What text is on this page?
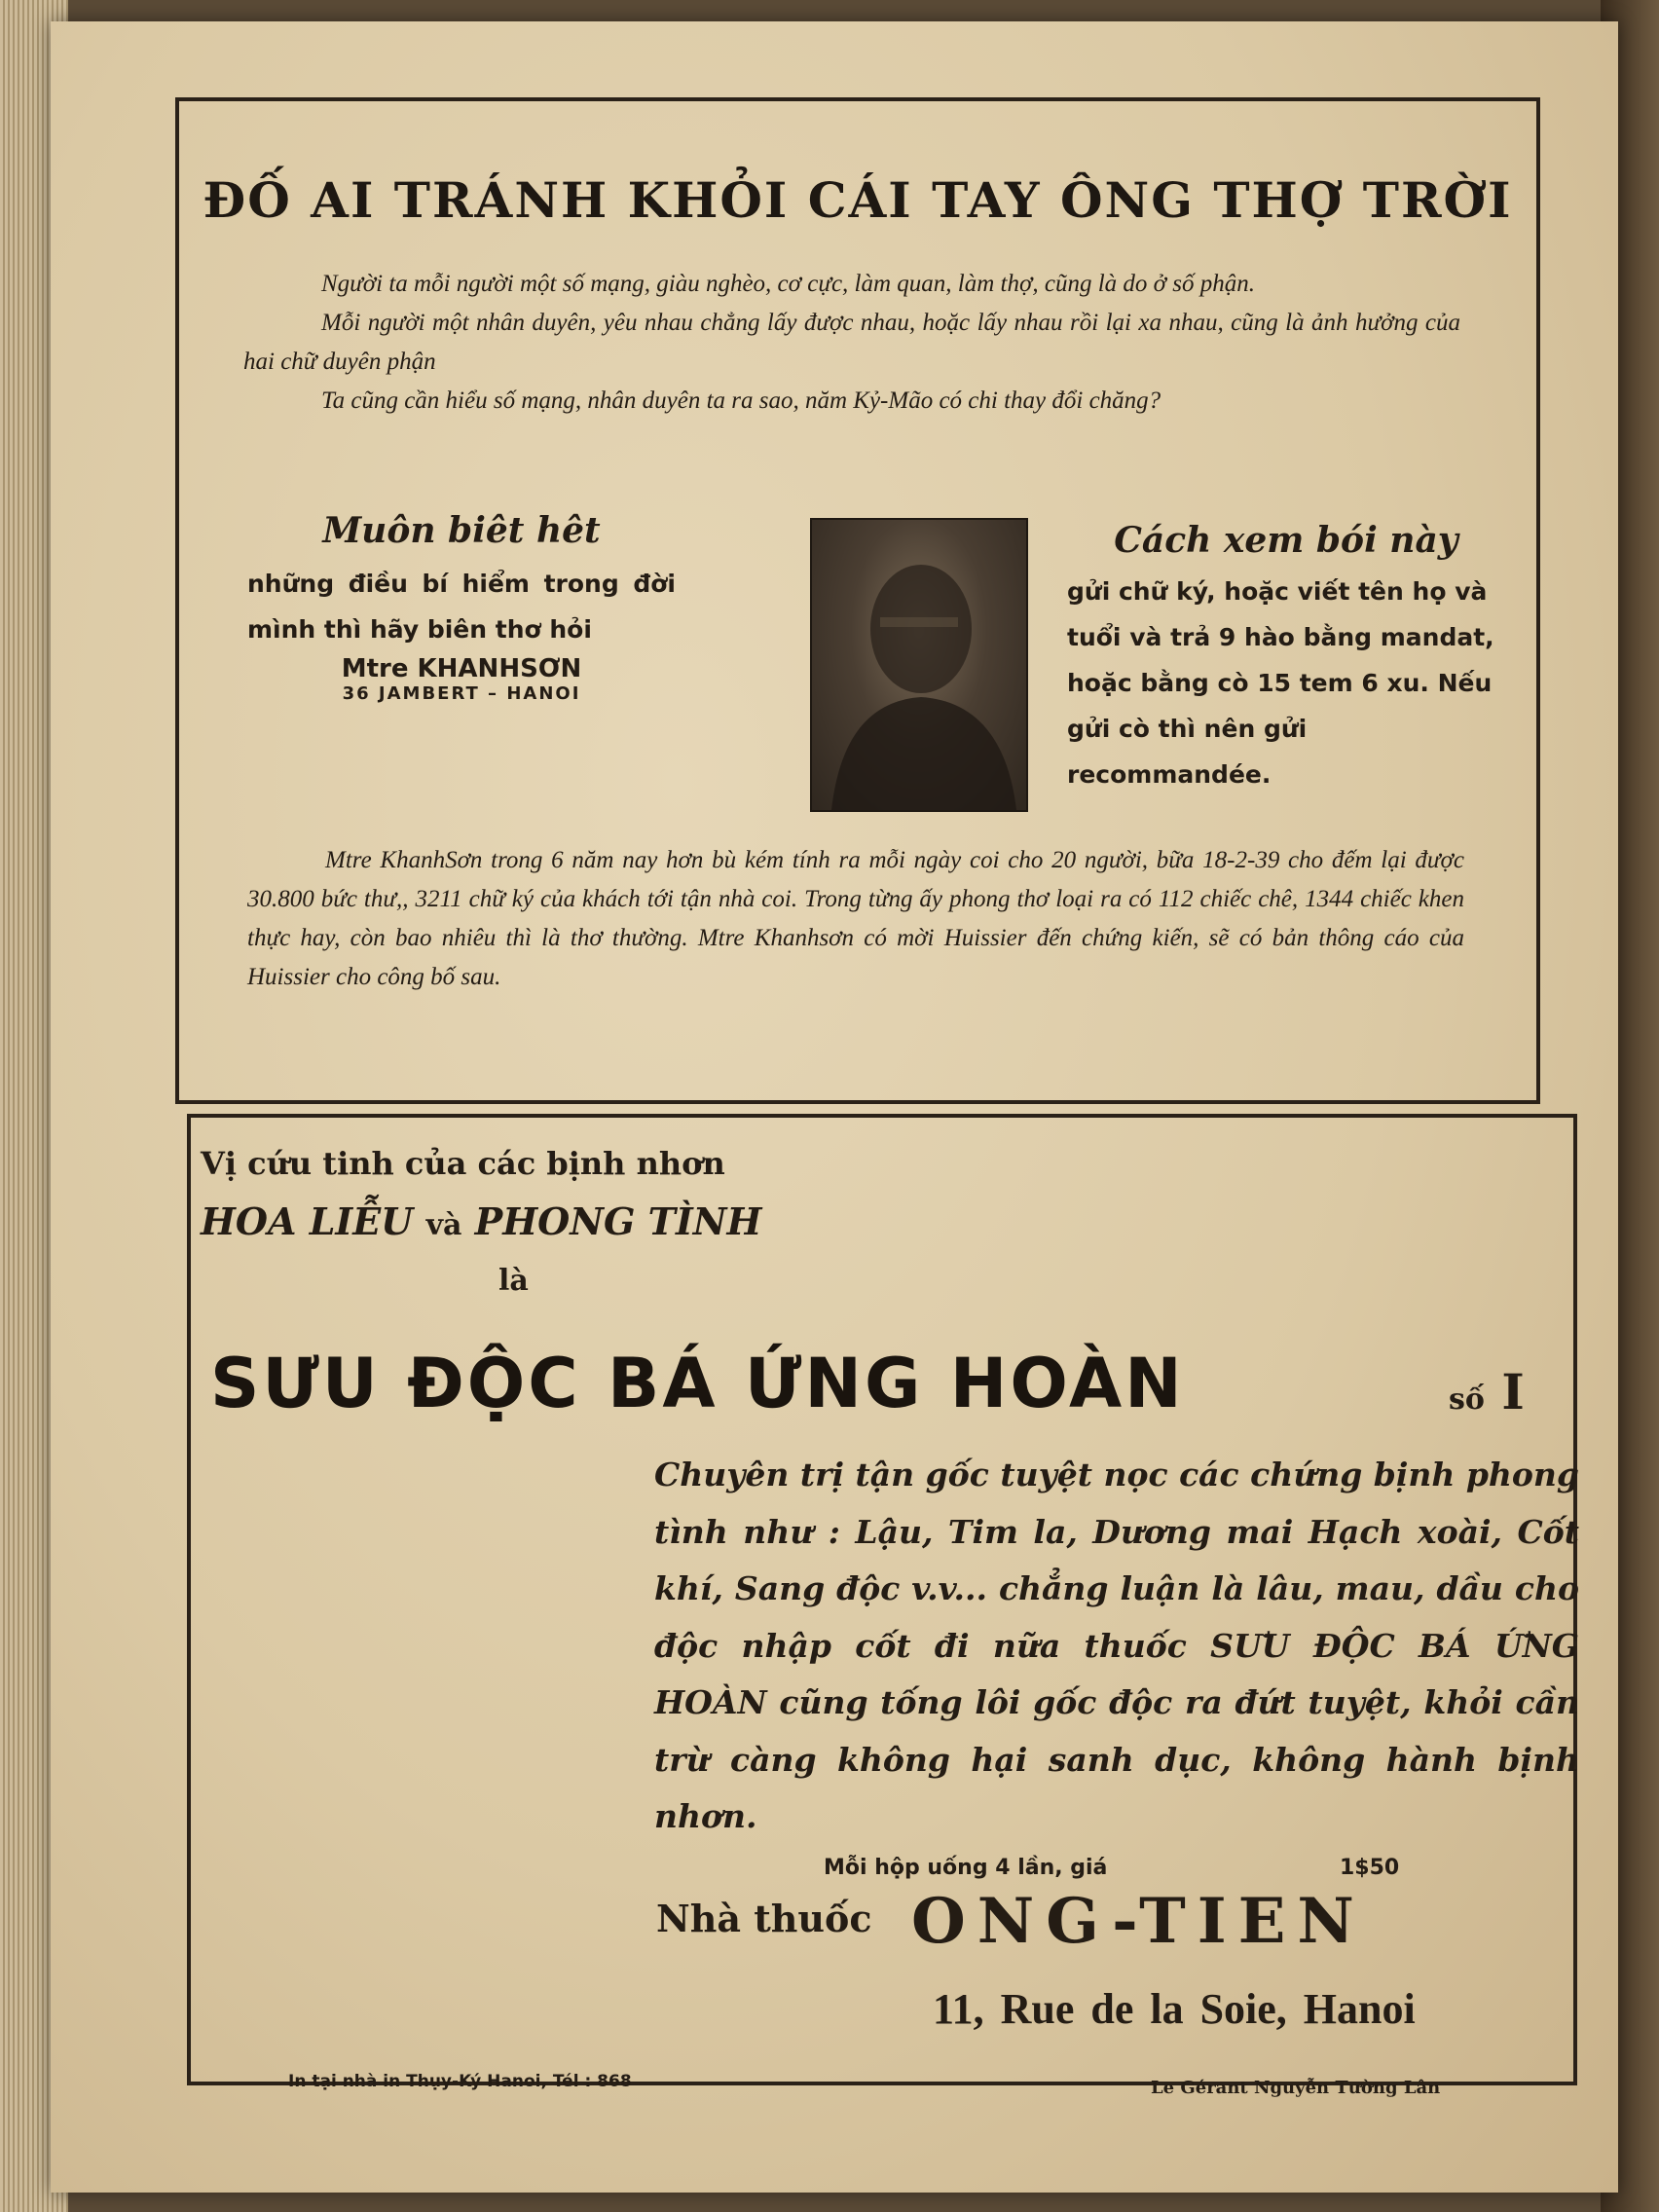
ĐỐ AI TRÁNH KHỎI CÁI TAY ÔNG THỢ TRỜI

Người ta mỗi người một số mạng, giàu nghèo, cơ cực, làm quan, làm thợ, cũng là do ở số phận.

Mỗi người một nhân duyên, yêu nhau chẳng lấy được nhau, hoặc lấy nhau rồi lại xa nhau, cũng là ảnh hưởng của hai chữ duyên phận

Ta cũng cần hiểu số mạng, nhân duyên ta ra sao, năm Kỷ-Mão có chi thay đổi chăng?

Muôn biêt hêt
những điều bí hiểm trong đời mình thì hãy biên thơ hỏi
Mtre KHANHSƠN
36 JAMBERT – HANOI
Cách xem bói này
gửi chữ ký, hoặc viết tên họ và tuổi và trả 9 hào bằng mandat, hoặc bằng cò 15 tem 6 xu. Nếu gửi cò thì nên gửi recommandée.

Mtre KhanhSơn trong 6 năm nay hơn bù kém tính ra mỗi ngày coi cho 20 người, bữa 18-2-39 cho đếm lại được 30.800 bức thư,, 3211 chữ ký của khách tới tận nhà coi. Trong từng ấy phong thơ loại ra có 112 chiếc chê, 1344 chiếc khen thực hay, còn bao nhiêu thì là thơ thường. Mtre Khanhsơn có mời Huissier đến chứng kiến, sẽ có bản thông cáo của Huissier cho công bố sau.

Vị cứu tinh của các bịnh nhơn
HOA LIỄU và PHONG TÌNH
là
SƯU ĐỘC BÁ ỨNG HOÀN	số I
Chuyên trị tận gốc tuyệt nọc các chứng bịnh phong tình như : Lậu, Tim la, Dương mai Hạch xoài, Cốt khí, Sang độc v.v... chẳng luận là lâu, mau, dầu cho độc nhập cốt đi nữa thuốc SƯU ĐỘC BÁ ỨNG HOÀN cũng tống lôi gốc độc ra đứt tuyệt, khỏi cần trừ càng không hại sanh dục, không hành bịnh nhơn.
Mỗi hộp uống 4 lần, giá	1$50
Nhà thuốc ONG-TIEN
11, Rue de la Soie, Hanoi
In tại nhà in Thụy-Ký Hanoi, Tél : 868	Le Gérant Nguyễn Tường Lân
